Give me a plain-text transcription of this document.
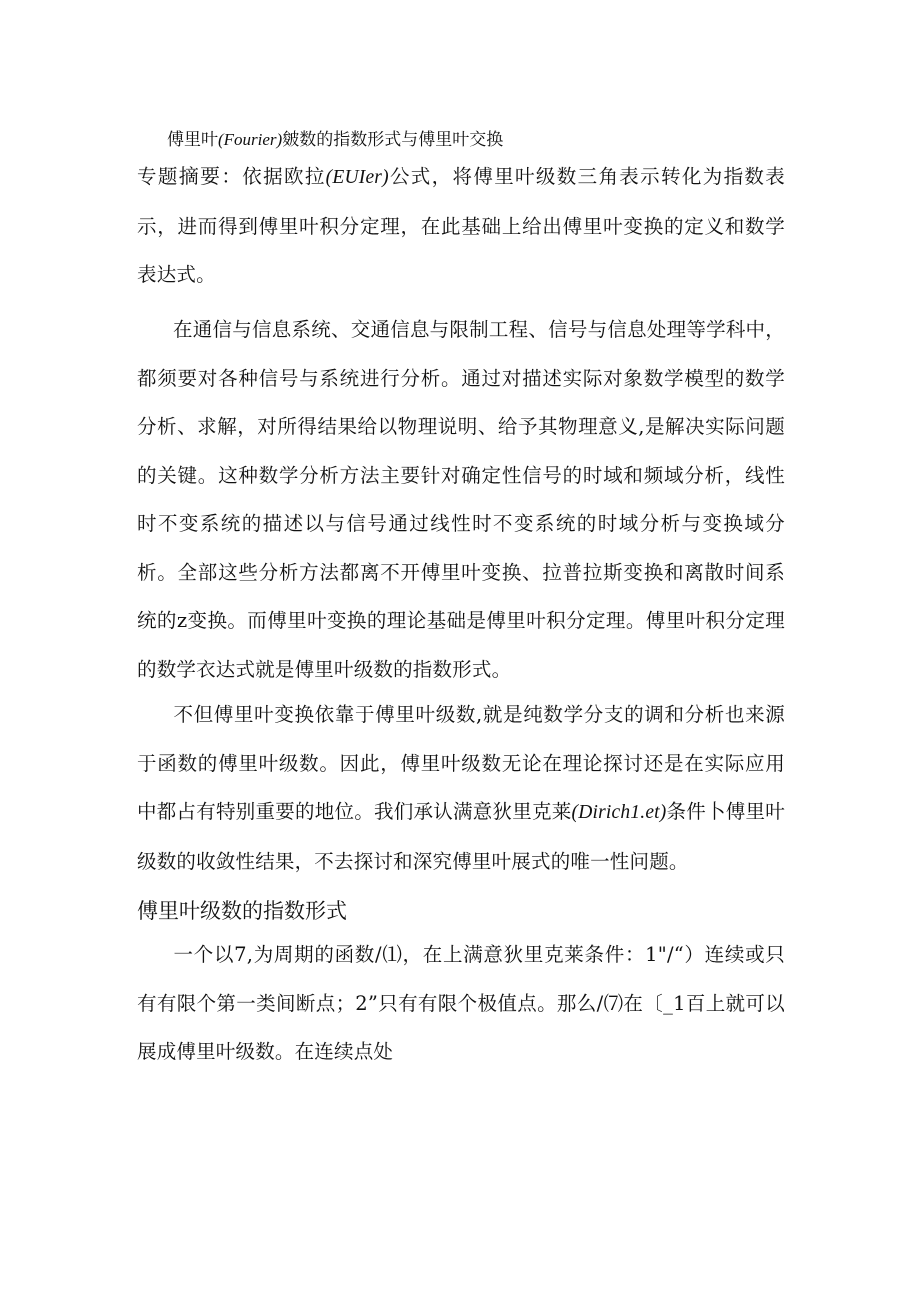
傅里叶(Fourier)皴数的指数形式与傅里叶交换
专题摘要：依据欧拉(EUIer)公式，将傅里叶级数三角表示转化为指数表示，进而得到傅里叶积分定理，在此基础上给出傅里叶变换的定义和数学表达式。
在通信与信息系统、交通信息与限制工程、信号与信息处理等学科中，都须要对各种信号与系统进行分析。通过对描述实际对象数学模型的数学分析、求解，对所得结果给以物理说明、给予其物理意义,是解决实际问题的关键。这种数学分析方法主要针对确定性信号的时域和频域分析，线性时不变系统的描述以与信号通过线性时不变系统的时域分析与变换域分析。全部这些分析方法都离不开傅里叶变换、拉普拉斯变换和离散时间系统的z变换。而傅里叶变换的理论基础是傅里叶积分定理。傅里叶积分定理的数学衣达式就是傅里叶级数的指数形式。
不但傅里叶变换依靠于傅里叶级数,就是纯数学分支的调和分析也来源于函数的傅里叶级数。因此，傅里叶级数无论在理论探讨还是在实际应用中都占有特别重要的地位。我们承认满意狄里克莱(Dirich1.et)条件卜傅里叶级数的收敛性结果，不去探讨和深究傅里叶展式的唯一性问题。
傅里叶级数的指数形式
一个以7,为周期的函数/⑴，在上满意狄里克莱条件：1"/“）连续或只有有限个第一类间断点；2”只有有限个极值点。那么/⑺在〔_1百上就可以展成傅里叶级数。在连续点处
